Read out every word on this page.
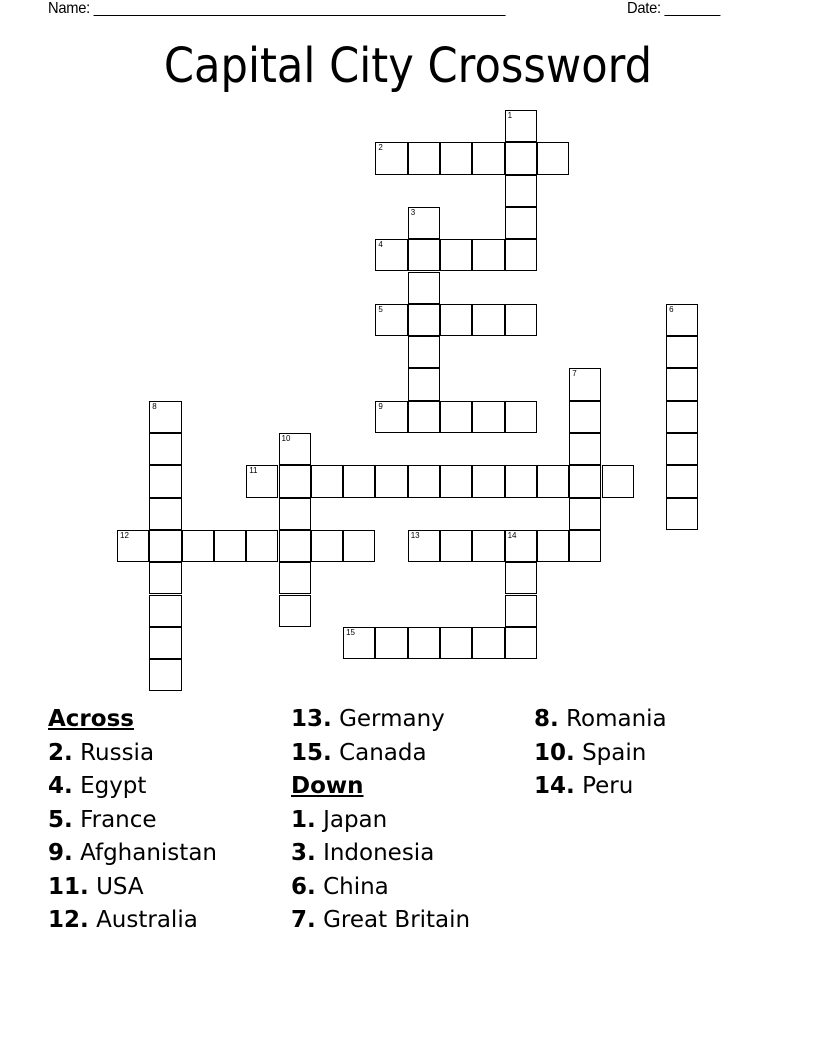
Name: ____________________________________________________	Date: _______
Capital City Crossword
1
2
3
4
5	6
7
8	9
10
11
12	13	14
15
Across
2. Russia
4. Egypt
5. France
9. Afghanistan
11. USA
12. Australia
13. Germany
15. Canada
Down
1. Japan
3. Indonesia
6. China
7. Great Britain
8. Romania
10. Spain
14. Peru
